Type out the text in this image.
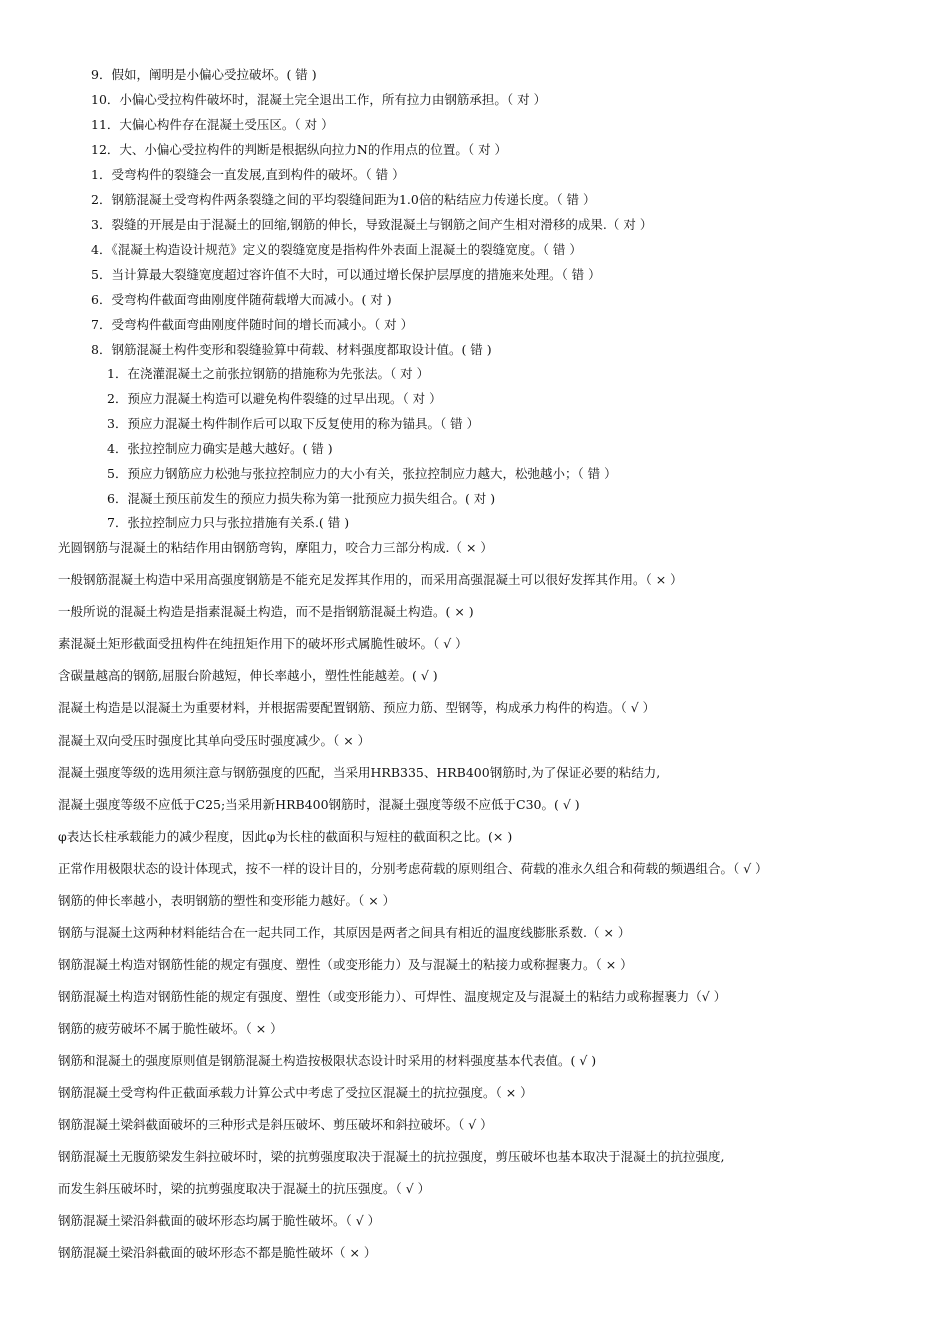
9．假如，阐明是小偏心受拉破坏。( 错 )
10．小偏心受拉构件破坏时，混凝土完全退出工作，所有拉力由钢筋承担。（ 对 ）
11．大偏心构件存在混凝土受压区。（ 对 ）
12．大、小偏心受拉构件的判断是根据纵向拉力N的作用点的位置。（ 对 ）
1．受弯构件的裂缝会一直发展,直到构件的破坏。（ 错 ）
2．钢筋混凝土受弯构件两条裂缝之间的平均裂缝间距为1.0倍的粘结应力传递长度。（ 错 ）
3．裂缝的开展是由于混凝土的回缩,钢筋的伸长，导致混凝土与钢筋之间产生相对滑移的成果.（ 对 ）
4．《混凝土构造设计规范》定义的裂缝宽度是指构件外表面上混凝土的裂缝宽度。（ 错 ）
5．当计算最大裂缝宽度超过容许值不大时，可以通过增长保护层厚度的措施来处理。（ 错 ）
6．受弯构件截面弯曲刚度伴随荷载增大而减小。( 对 )
7．受弯构件截面弯曲刚度伴随时间的增长而减小。（ 对 ）
8．钢筋混凝土构件变形和裂缝验算中荷载、材料强度都取设计值。( 错 )
1．在浇灌混凝土之前张拉钢筋的措施称为先张法。（ 对 ）
2．预应力混凝土构造可以避免构件裂缝的过早出现。（ 对 ）
3．预应力混凝土构件制作后可以取下反复使用的称为锚具。（ 错 ）
4．张拉控制应力确实是越大越好。( 错 )
5．预应力钢筋应力松弛与张拉控制应力的大小有关，张拉控制应力越大，松弛越小；（ 错 ）
6．混凝土预压前发生的预应力损失称为第一批预应力损失组合。( 对 )
7．张拉控制应力只与张拉措施有关系.( 错 )
光圆钢筋与混凝土的粘结作用由钢筋弯钩，摩阻力，咬合力三部分构成.（ × ）
一般钢筋混凝土构造中采用高强度钢筋是不能充足发挥其作用的，而采用高强混凝土可以很好发挥其作用。（ × ）
一般所说的混凝土构造是指素混凝土构造，而不是指钢筋混凝土构造。( × )
素混凝土矩形截面受扭构件在纯扭矩作用下的破坏形式属脆性破坏。（ √ ）
含碳量越高的钢筋,屈服台阶越短，伸长率越小，塑性性能越差。( √ )
混凝土构造是以混凝土为重要材料，并根据需要配置钢筋、预应力筋、型钢等，构成承力构件的构造。（ √ ）
混凝土双向受压时强度比其单向受压时强度减少。（ × ）
混凝土强度等级的选用须注意与钢筋强度的匹配，当采用HRB335、HRB400钢筋时,为了保证必要的粘结力,
混凝土强度等级不应低于C25;当采用新HRB400钢筋时，混凝土强度等级不应低于C30。( √ )
φ表达长柱承载能力的减少程度，因此φ为长柱的截面积与短柱的截面积之比。(× )
正常作用极限状态的设计体现式，按不一样的设计目的，分别考虑荷载的原则组合、荷载的准永久组合和荷载的频遇组合。（ √ ）
钢筋的伸长率越小，表明钢筋的塑性和变形能力越好。（ × ）
钢筋与混凝土这两种材料能结合在一起共同工作，其原因是两者之间具有相近的温度线膨胀系数.（ × ）
钢筋混凝土构造对钢筋性能的规定有强度、塑性（或变形能力）及与混凝土的粘接力或称握裹力。（ × ）
钢筋混凝土构造对钢筋性能的规定有强度、塑性（或变形能力）、可焊性、温度规定及与混凝土的粘结力或称握裹力（√ ）
钢筋的疲劳破坏不属于脆性破坏。（ × ）
钢筋和混凝土的强度原则值是钢筋混凝土构造按极限状态设计时采用的材料强度基本代表值。( √ )
钢筋混凝土受弯构件正截面承载力计算公式中考虑了受拉区混凝土的抗拉强度。（ × ）
钢筋混凝土梁斜截面破坏的三种形式是斜压破坏、剪压破坏和斜拉破坏。（ √ ）
钢筋混凝土无腹筋梁发生斜拉破坏时，梁的抗剪强度取决于混凝土的抗拉强度，剪压破坏也基本取决于混凝土的抗拉强度,
而发生斜压破坏时，梁的抗剪强度取决于混凝土的抗压强度。（ √ ）
钢筋混凝土梁沿斜截面的破坏形态均属于脆性破坏。（ √ ）
钢筋混凝土梁沿斜截面的破坏形态不都是脆性破坏（ × ）
